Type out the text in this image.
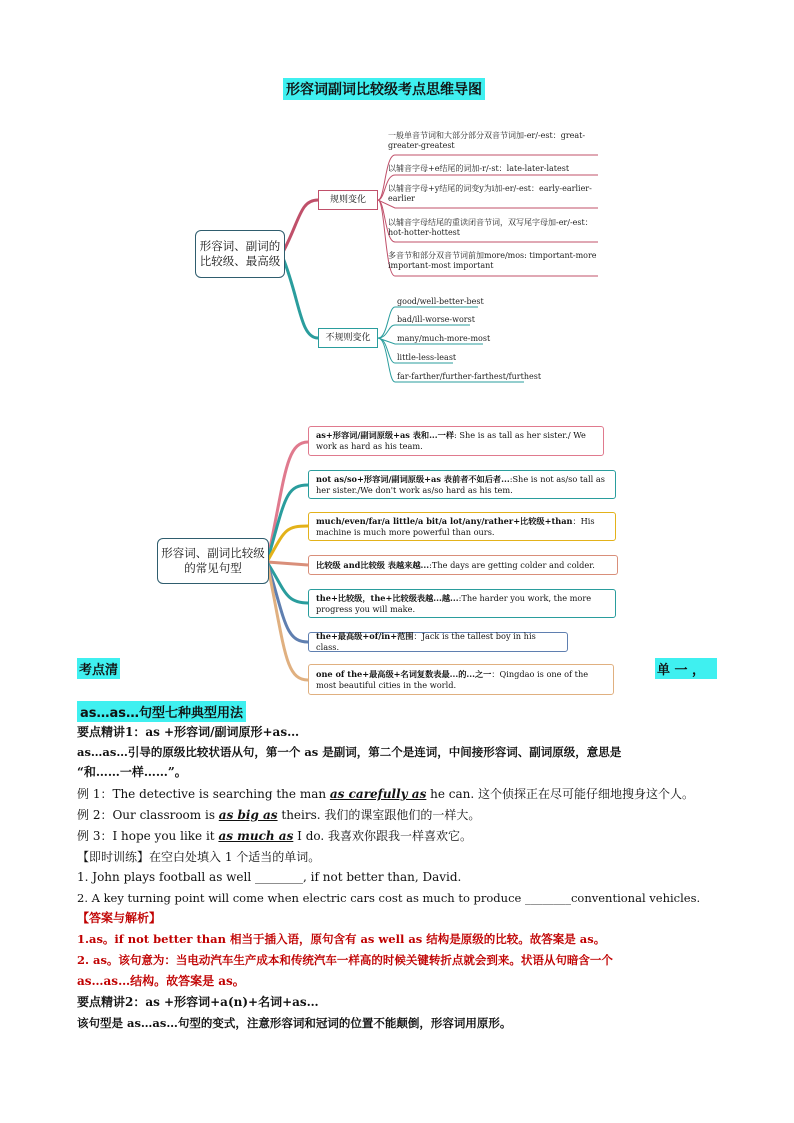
形容词副词比较级考点思维导图
形容词、副词的比较级、最高级
规则变化
不规则变化
一般单音节词和大部分部分双音节词加-er/-est：great-greater-greatest
以辅音字母+e结尾的词加-r/-st：late-later-latest
以辅音字母+y结尾的词变y为i加-er/-est：early-earlier-earlier
以辅音字母结尾的重读闭音节词，双写尾字母加-er/-est：hot-hotter-hottest
多音节和部分双音节词前加more/mos: timportant-more important-most important
good/well-better-best
bad/ill-worse-worst
many/much-more-most
little-less-least
far-farther/further-farthest/furthest
形容词、副词比较级的常见句型
as+形容词/副词原级+as 表和...一样: She is as tall as her sister./ We work as hard as his team.
not as/so+形容词/副词原级+as 表前者不如后者...:She is not as/so tall as her sister./We don't work as/so hard as his tem.
much/even/far/a little/a bit/a lot/any/rather+比较级+than：His machine is much more powerful than ours.
比较级 and比较级 表越来越...:The days are getting colder and colder.
the+比较级，the+比较级表越...越...:The harder you work, the more progress you will make.
the+最高级+of/in+范围：Jack is the tallest boy in his class.
one of the+最高级+名词复数表最...的...之一：Qingdao is one of the most beautiful cities in the world.
考点清	单 一 ，
as…as…句型七种典型用法
要点精讲1：as +形容词/副词原形+as…
as…as…引导的原级比较状语从句，第一个 as 是副词，第二个是连词，中间接形容词、副词原级，意思是
“和……一样……”。
例 1：The detective is searching the man as carefully as he can. 这个侦探正在尽可能仔细地搜身这个人。
例 2：Our classroom is as big as theirs. 我们的课室跟他们的一样大。
例 3：I hope you like it as much as I do. 我喜欢你跟我一样喜欢它。
【即时训练】在空白处填入 1 个适当的单词。
1. John plays football as well ________, if not better than, David.
2. A key turning point will come when electric cars cost as much to produce ________conventional vehicles.
【答案与解析】
1.as。if not better than 相当于插入语，原句含有 as well as 结构是原级的比较。故答案是 as。
2. as。该句意为：当电动汽车生产成本和传统汽车一样高的时候关键转折点就会到来。状语从句暗含一个
as…as…结构。故答案是 as。
要点精讲2：as +形容词+a(n)+名词+as…
该句型是 as…as…句型的变式，注意形容词和冠词的位置不能颠倒，形容词用原形。
